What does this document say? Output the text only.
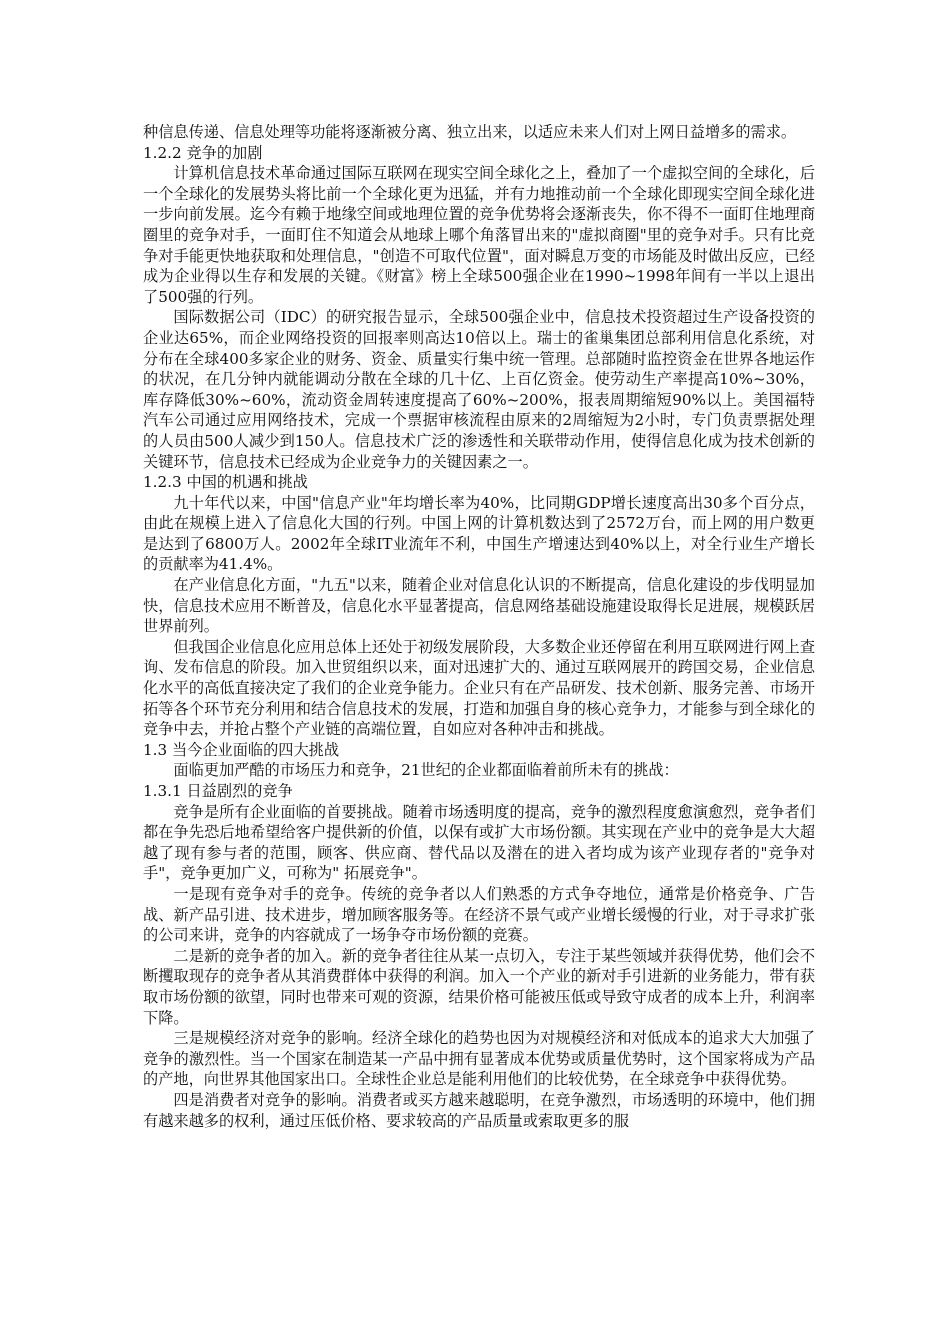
种信息传递、信息处理等功能将逐渐被分离、独立出来，以适应未来人们对上网日益增多的需求。

1.2.2 竞争的加剧

计算机信息技术革命通过国际互联网在现实空间全球化之上，叠加了一个虚拟空间的全球化，后一个全球化的发展势头将比前一个全球化更为迅猛，并有力地推动前一个全球化即现实空间全球化进一步向前发展。迄今有赖于地缘空间或地理位置的竞争优势将会逐渐丧失，你不得不一面盯住地理商圈里的竞争对手，一面盯住不知道会从地球上哪个角落冒出来的"虚拟商圈"里的竞争对手。只有比竞争对手能更快地获取和处理信息，"创造不可取代位置"，面对瞬息万变的市场能及时做出反应，已经成为企业得以生存和发展的关键。《财富》榜上全球500强企业在1990~1998年间有一半以上退出了500强的行列。

国际数据公司（IDC）的研究报告显示，全球500强企业中，信息技术投资超过生产设备投资的企业达65%，而企业网络投资的回报率则高达10倍以上。瑞士的雀巢集团总部利用信息化系统，对分布在全球400多家企业的财务、资金、质量实行集中统一管理。总部随时监控资金在世界各地运作的状况，在几分钟内就能调动分散在全球的几十亿、上百亿资金。使劳动生产率提高10%~30%，库存降低30%~60%，流动资金周转速度提高了60%~200%，报表周期缩短90%以上。美国福特汽车公司通过应用网络技术，完成一个票据审核流程由原来的2周缩短为2小时，专门负责票据处理的人员由500人减少到150人。信息技术广泛的渗透性和关联带动作用，使得信息化成为技术创新的关键环节，信息技术已经成为企业竞争力的关键因素之一。

1.2.3 中国的机遇和挑战

九十年代以来，中国"信息产业"年均增长率为40%，比同期GDP增长速度高出30多个百分点，由此在规模上进入了信息化大国的行列。中国上网的计算机数达到了2572万台，而上网的用户数更是达到了6800万人。2002年全球IT业流年不利，中国生产增速达到40%以上，对全行业生产增长的贡献率为41.4%。

在产业信息化方面，"九五"以来，随着企业对信息化认识的不断提高，信息化建设的步伐明显加快，信息技术应用不断普及，信息化水平显著提高，信息网络基础设施建设取得长足进展，规模跃居世界前列。

但我国企业信息化应用总体上还处于初级发展阶段，大多数企业还停留在利用互联网进行网上查询、发布信息的阶段。加入世贸组织以来，面对迅速扩大的、通过互联网展开的跨国交易，企业信息化水平的高低直接决定了我们的企业竞争能力。企业只有在产品研发、技术创新、服务完善、市场开拓等各个环节充分利用和结合信息技术的发展，打造和加强自身的核心竞争力，才能参与到全球化的竞争中去，并抢占整个产业链的高端位置，自如应对各种冲击和挑战。

1.3 当今企业面临的四大挑战

面临更加严酷的市场压力和竞争，21世纪的企业都面临着前所未有的挑战：

1.3.1 日益剧烈的竞争

竞争是所有企业面临的首要挑战。随着市场透明度的提高，竞争的激烈程度愈演愈烈，竞争者们都在争先恐后地希望给客户提供新的价值，以保有或扩大市场份额。其实现在产业中的竞争是大大超越了现有参与者的范围，顾客、供应商、替代品以及潜在的进入者均成为该产业现存者的"竞争对手"，竞争更加广义，可称为" 拓展竞争"。

一是现有竞争对手的竞争。传统的竞争者以人们熟悉的方式争夺地位，通常是价格竞争、广告战、新产品引进、技术进步，增加顾客服务等。在经济不景气或产业增长缓慢的行业，对于寻求扩张的公司来讲，竞争的内容就成了一场争夺市场份额的竞赛。

二是新的竞争者的加入。新的竞争者往往从某一点切入，专注于某些领域并获得优势，他们会不断攫取现存的竞争者从其消费群体中获得的利润。加入一个产业的新对手引进新的业务能力，带有获取市场份额的欲望，同时也带来可观的资源，结果价格可能被压低或导致守成者的成本上升，利润率下降。

三是规模经济对竞争的影响。经济全球化的趋势也因为对规模经济和对低成本的追求大大加强了竞争的激烈性。当一个国家在制造某一产品中拥有显著成本优势或质量优势时，这个国家将成为产品的产地，向世界其他国家出口。全球性企业总是能利用他们的比较优势，在全球竞争中获得优势。

四是消费者对竞争的影响。消费者或买方越来越聪明，在竞争激烈，市场透明的环境中，他们拥有越来越多的权利，通过压低价格、要求较高的产品质量或索取更多的服
